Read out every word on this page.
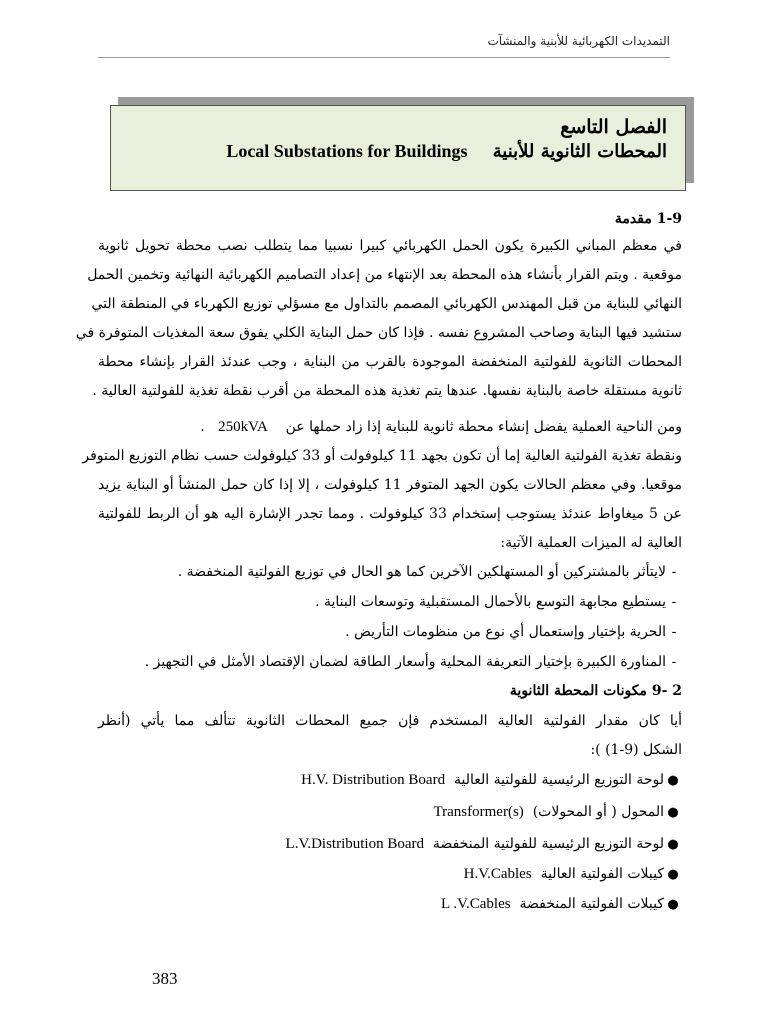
التمديدات الكهربائية للأبنية والمنشآت
الفصل التاسع
المحطات الثانوية للأبنية    Local Substations for Buildings
1-9 مقدمة
في معظم المباني الكبيرة يكون الحمل الكهربائي كبيرا نسبيا مما يتطلب نصب محطة تحويل ثانوية
موقعية . ويتم القرار بأنشاء هذه المحطة بعد الإنتهاء من إعداد التصاميم الكهربائية النهائية وتخمين الحمل
النهائي للبناية من قبل المهندس الكهربائي المصمم بالتداول مع مسؤلي توزيع الكهرباء في المنطقة التي
ستشيد فيها البناية وصاحب المشروع نفسه . فإذا كان حمل البناية الكلي يفوق سعة المغذيات المتوفرة في
المحطات الثانوية للفولتية المنخفضة الموجودة بالقرب من البناية ، وجب عندئذ القرار بإنشاء محطة
ثانوية مستقلة خاصة بالبناية نفسها. عندها يتم تغذية هذه المحطة من أقرب نقطة تغذية للفولتية العالية .
ومن الناحية العملية يفضل إنشاء محطة ثانوية للبناية إذا زاد حملها عن    250kVA   .
ونقطة تغذية الفولتية العالية إما أن تكون بجهد 11 كيلوفولت أو 33 كيلوفولت حسب نظام التوزيع المتوفر
موقعيا. وفي معظم الحالات يكون الجهد المتوفر 11 كيلوفولت ، إلا إذا كان حمل المنشأ أو البناية يزيد
عن 5 ميغاواط عندئذ يستوجب إستخدام 33 كيلوفولت . ومما تجدر الإشارة اليه هو أن الربط للفولتية
العالية له الميزات العملية الآتية:
-لايتأثر بالمشتركين أو المستهلكين الآخرين كما هو الحال في توزيع الفولتية المنخفضة .
-يستطيع مجابهة التوسع بالأحمال المستقبلية وتوسعات البناية .
-الحرية بإختيار وإستعمال أي نوع من منظومات التأريض .
-المناورة الكبيرة بإختيار التعريفة المحلية وأسعار الطاقة لضمان الإقتصاد الأمثل في التجهيز .
2 -9 مكونات المحطة الثانوية
أيا كان مقدار الفولتية العالية المستخدم فإن جميع المحطات الثانوية تتألف مما يأتي (أنظر
الشكل (9-1) ):
●لوحة التوزيع الرئيسية للفولتية العالية  H.V. Distribution Board
●المحول ( أو المحولات)  Transformer(s)
●لوحة التوزيع الرئيسية للفولتية المنخفضة  L.V.Distribution Board
●كيبلات الفولتية العالية  H.V.Cables
●كيبلات الفولتية المنخفضة  L .V.Cables
383
